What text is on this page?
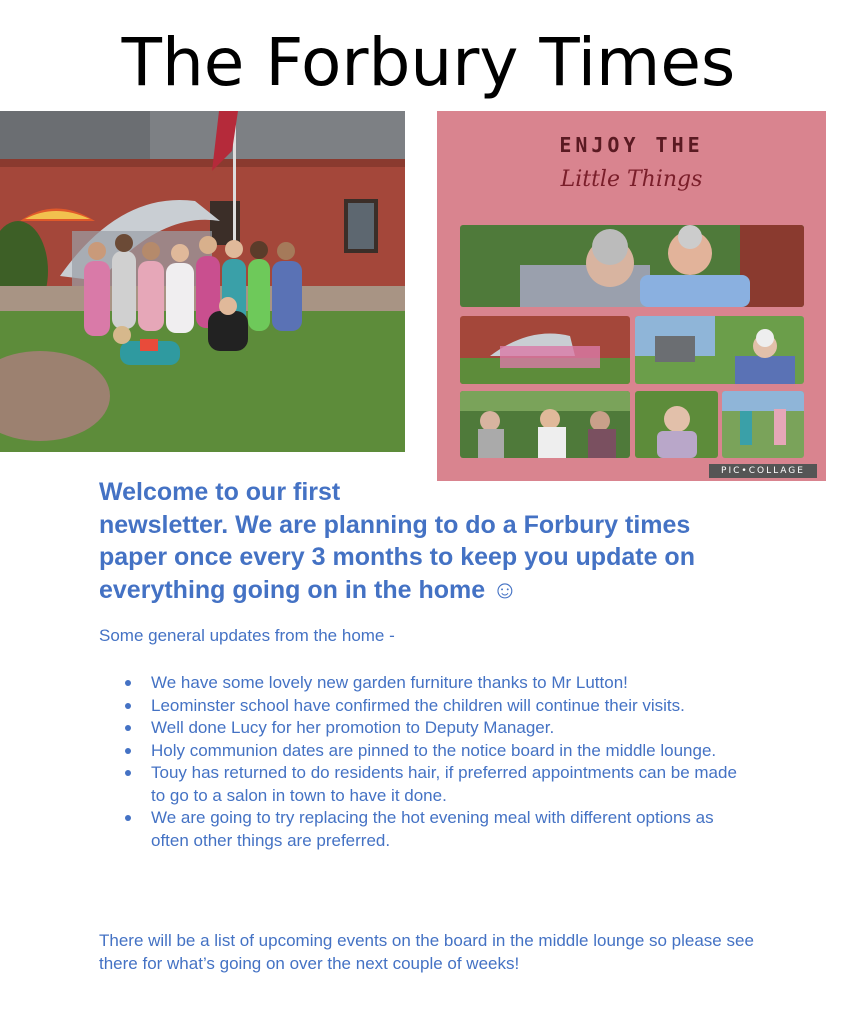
The Forbury Times
ENJOY THE
Little Things
PIC•COLLAGE
Welcome to our first
newsletter. We are planning to do a Forbury times paper once every 3 months to keep you update on everything going on in the home ☺
Some general updates from the home -
We have some lovely new garden furniture thanks to Mr Lutton!
Leominster school have confirmed the children will continue their visits.
Well done Lucy for her promotion to Deputy Manager.
Holy communion dates are pinned to the notice board in the middle lounge.
Touy has returned to do residents hair, if preferred appointments can be made to go to a salon in town to have it done.
We are going to try replacing the hot evening meal with different options as often other things are preferred.
There will be a list of upcoming events on the board in the middle lounge so please see there for what’s going on over the next couple of weeks!
